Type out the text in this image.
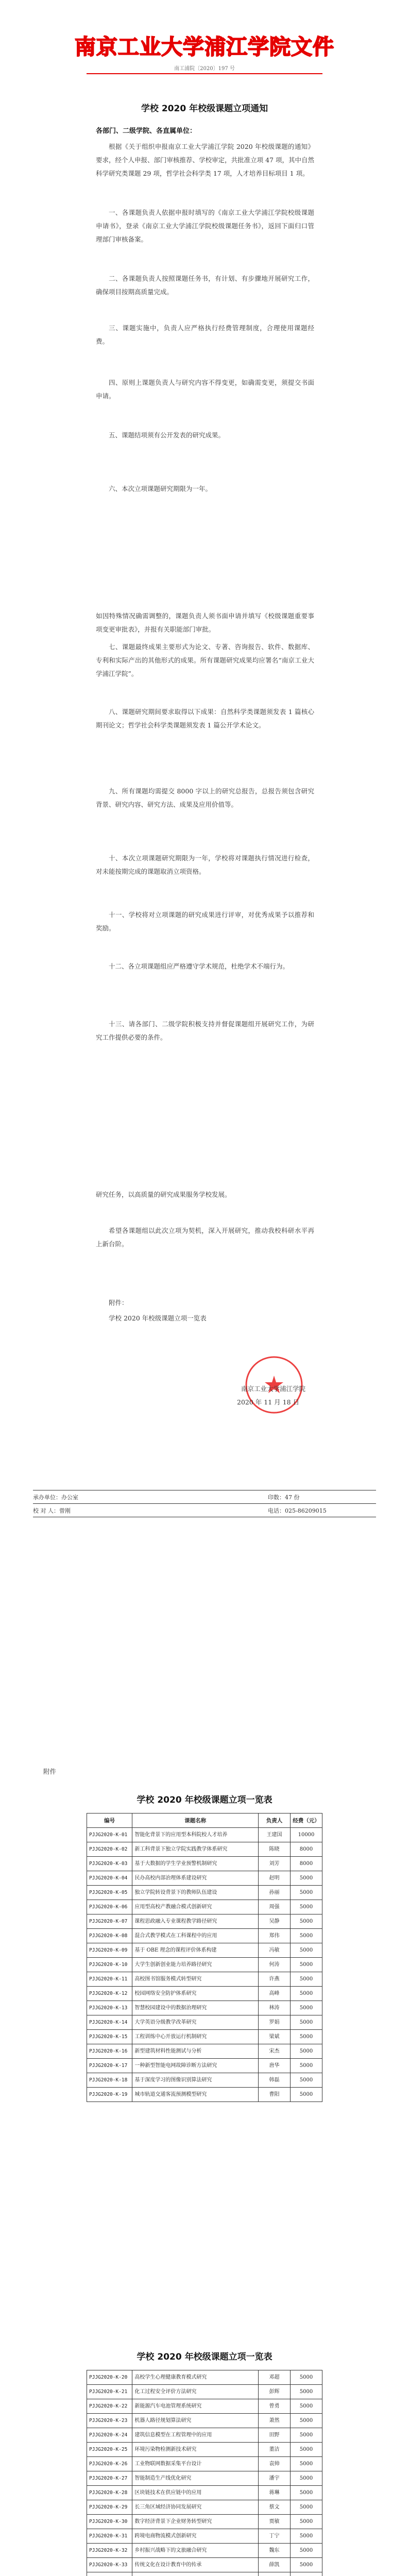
南京工业大学浦江学院文件
南工浦院〔2020〕197 号
学校 2020 年校级课题立项通知
各部门、二级学院、各直属单位：

根据《关于组织申报南京工业大学浦江学院 2020 年校级课题的通知》要求，经个人申报、部门审核推荐、学校审定，共批准立项 47 项，其中自然科学研究类课题 29 项，哲学社会科学类 17 项，人才培养目标项目 1 项。

一、各课题负责人依据申报时填写的《南京工业大学浦江学院校级课题申请书》，登录《南京工业大学浦江学院校级课题任务书》，返回下面归口管理部门审核备案。

二、各课题负责人按照课题任务书，有计划、有步骤地开展研究工作，确保项目按期高质量完成。

三、课题实施中，负责人应严格执行经费管理制度，合理使用课题经费。

四、原则上课题负责人与研究内容不得变更，如确需变更，须提交书面申请。

五、课题结项须有公开发表的研究成果。

六、本次立项课题研究期限为一年。

如因特殊情况确需调整的，课题负责人须书面申请并填写《校级课题重要事项变更审批表》，并报有关职能部门审批。

七、课题最终成果主要形式为论文、专著、咨询报告、软件、数据库、专利和实际产出的其他形式的成果。所有课题研究成果均应署名“南京工业大学浦江学院”。

八、课题研究期间要求取得以下成果：自然科学类课题须发表 1 篇核心期刊论文；哲学社会科学类课题须发表 1 篇公开学术论文。

九、所有课题均需提交 8000 字以上的研究总报告，总报告须包含研究背景、研究内容、研究方法、成果及应用价值等。

十、本次立项课题研究期限为一年，学校将对课题执行情况进行检查，对未能按期完成的课题取消立项资格。

十一、学校将对立项课题的研究成果进行评审，对优秀成果予以推荐和奖励。

十二、各立项课题组应严格遵守学术规范，杜绝学术不端行为。

十三、请各部门、二级学院积极支持并督促课题组开展研究工作，为研究工作提供必要的条件。

研究任务，以高质量的研究成果服务学校发展。

希望各课题组以此次立项为契机，深入开展研究，推动我校科研水平再上新台阶。

附件：

学校 2020 年校级课题立项一览表

南京工业大学浦江学院
2020 年 11 月 18 日
承办单位：办公室	印数：47 份
校 对 人：曾刚	电话：025-86209015
附件
学校 2020 年校级课题立项一览表
编号	课题名称	负责人	经费（元）
PJJG2020-K-01	智能化背景下的应用型本科院校人才培养	王建国	10000
PJJG2020-K-02	新工科背景下独立学院实践教学体系研究	陈晓	8000
PJJG2020-K-03	基于大数据的学生学业预警机制研究	刘芳	8000
PJJG2020-K-04	民办高校内部治理体系建设研究	赵明	5000
PJJG2020-K-05	独立学院转设背景下的教师队伍建设	孙丽	5000
PJJG2020-K-06	应用型高校产教融合模式创新研究	周强	5000
PJJG2020-K-07	课程思政融入专业课程教学路径研究	吴静	5000
PJJG2020-K-08	混合式教学模式在工科课程中的应用	郑伟	5000
PJJG2020-K-09	基于 OBE 理念的课程评价体系构建	冯敏	5000
PJJG2020-K-10	大学生创新创业能力培养路径研究	何涛	5000
PJJG2020-K-11	高校图书馆服务模式转型研究	许燕	5000
PJJG2020-K-12	校园网络安全防护体系研究	高峰	5000
PJJG2020-K-13	智慧校园建设中的数据治理研究	林涛	5000
PJJG2020-K-14	大学英语分级教学改革研究	罗娟	5000
PJJG2020-K-15	工程训练中心开放运行机制研究	梁斌	5000
PJJG2020-K-16	新型建筑材料性能测试与分析	宋杰	5000
PJJG2020-K-17	一种新型智能电网故障诊断方法研究	唐华	5000
PJJG2020-K-18	基于深度学习的图像识别算法研究	韩磊	5000
PJJG2020-K-19	城市轨道交通客流预测模型研究	曹阳	5000
学校 2020 年校级课题立项一览表
PJJG2020-K-20	高校学生心理健康教育模式研究	邓超	5000
PJJG2020-K-21	化工过程安全评价方法研究	彭辉	5000
PJJG2020-K-22	新能源汽车电池管理系统研究	曾勇	5000
PJJG2020-K-23	机器人路径规划算法研究	萧然	5000
PJJG2020-K-24	建筑信息模型在工程管理中的应用	田野	5000
PJJG2020-K-25	环境污染物检测新技术研究	董洁	5000
PJJG2020-K-26	工业物联网数据采集平台设计	袁帅	5000
PJJG2020-K-27	智能制造生产线优化研究	潘宇	5000
PJJG2020-K-28	区块链技术在供应链中的应用	蒋琳	5000
PJJG2020-K-29	长三角区域经济协同发展研究	蔡文	5000
PJJG2020-K-30	数字经济背景下企业财务转型研究	贾敏	5000
PJJG2020-K-31	跨境电商物流模式创新研究	丁宁	5000
PJJG2020-K-32	乡村振兴战略下的文旅融合研究	魏东	5000
PJJG2020-K-33	传统文化在设计教育中的传承	薛凯	5000
